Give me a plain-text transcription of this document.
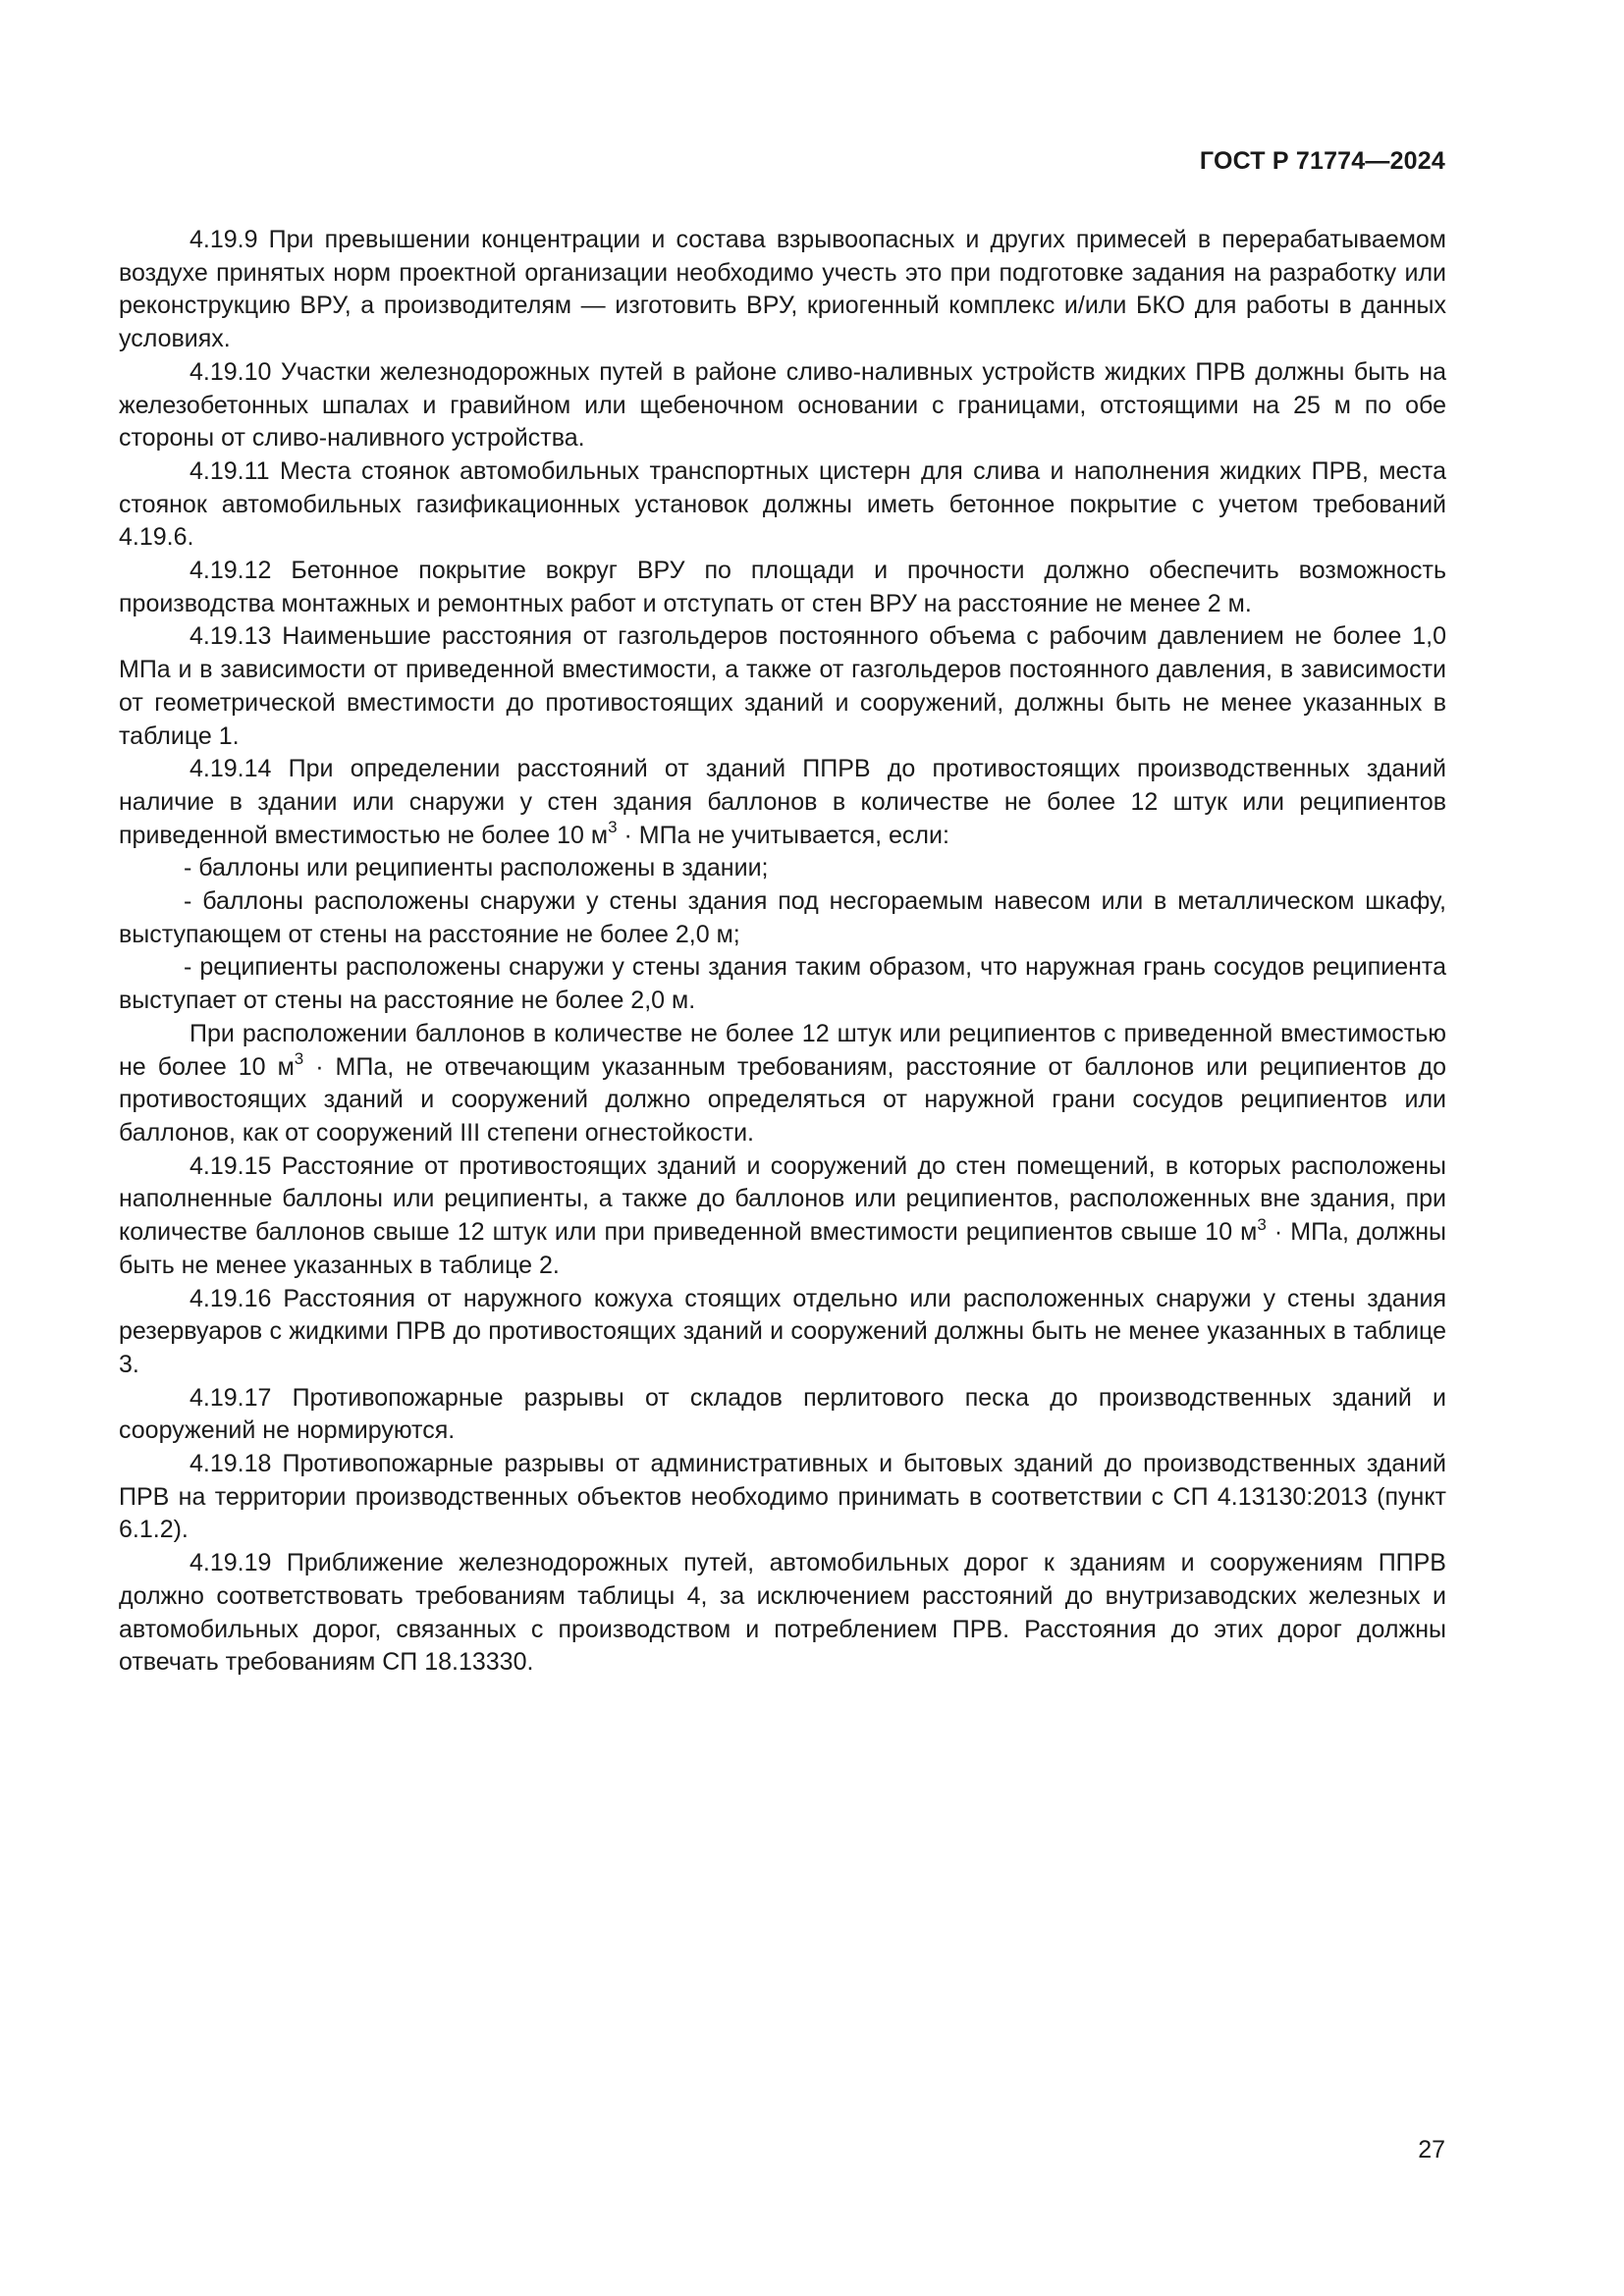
ГОСТ Р 71774—2024

4.19.9 При превышении концентрации и состава взрывоопасных и других примесей в перерабатываемом воздухе принятых норм проектной организации необходимо учесть это при подготовке задания на разработку или реконструкцию ВРУ, а производителям — изготовить ВРУ, криогенный комплекс и/или БКО для работы в данных условиях.

4.19.10 Участки железнодорожных путей в районе сливо-наливных устройств жидких ПРВ должны быть на железобетонных шпалах и гравийном или щебеночном основании с границами, отстоящими на 25 м по обе стороны от сливо-наливного устройства.

4.19.11 Места стоянок автомобильных транспортных цистерн для слива и наполнения жидких ПРВ, места стоянок автомобильных газификационных установок должны иметь бетонное покрытие с учетом требований 4.19.6.

4.19.12 Бетонное покрытие вокруг ВРУ по площади и прочности должно обеспечить возможность производства монтажных и ремонтных работ и отступать от стен ВРУ на расстояние не менее 2 м.

4.19.13 Наименьшие расстояния от газгольдеров постоянного объема с рабочим давлением не более 1,0 МПа и в зависимости от приведенной вместимости, а также от газгольдеров постоянного давления, в зависимости от геометрической вместимости до противостоящих зданий и сооружений, должны быть не менее указанных в таблице 1.

4.19.14 При определении расстояний от зданий ППРВ до противостоящих производственных зданий наличие в здании или снаружи у стен здания баллонов в количестве не более 12 штук или реципиентов приведенной вместимостью не более 10 $м^3$ · МПа не учитывается, если:

- баллоны или реципиенты расположены в здании;

- баллоны расположены снаружи у стены здания под несгораемым навесом или в металлическом шкафу, выступающем от стены на расстояние не более 2,0 м;

- реципиенты расположены снаружи у стены здания таким образом, что наружная грань сосудов реципиента выступает от стены на расстояние не более 2,0 м.

При расположении баллонов в количестве не более 12 штук или реципиентов с приведенной вместимостью не более 10 $м^3$ · МПа, не отвечающим указанным требованиям, расстояние от баллонов или реципиентов до противостоящих зданий и сооружений должно определяться от наружной грани сосудов реципиентов или баллонов, как от сооружений III степени огнестойкости.

4.19.15 Расстояние от противостоящих зданий и сооружений до стен помещений, в которых расположены наполненные баллоны или реципиенты, а также до баллонов или реципиентов, расположенных вне здания, при количестве баллонов свыше 12 штук или при приведенной вместимости реципиентов свыше 10 $м^3$ · МПа, должны быть не менее указанных в таблице 2.

4.19.16 Расстояния от наружного кожуха стоящих отдельно или расположенных снаружи у стены здания резервуаров с жидкими ПРВ до противостоящих зданий и сооружений должны быть не менее указанных в таблице 3.

4.19.17 Противопожарные разрывы от складов перлитового песка до производственных зданий и сооружений не нормируются.

4.19.18 Противопожарные разрывы от административных и бытовых зданий до производственных зданий ПРВ на территории производственных объектов необходимо принимать в соответствии с СП 4.13130:2013 (пункт 6.1.2).

4.19.19 Приближение железнодорожных путей, автомобильных дорог к зданиям и сооружениям ППРВ должно соответствовать требованиям таблицы 4, за исключением расстояний до внутризаводских железных и автомобильных дорог, связанных с производством и потреблением ПРВ. Расстояния до этих дорог должны отвечать требованиям СП 18.13330.

27
